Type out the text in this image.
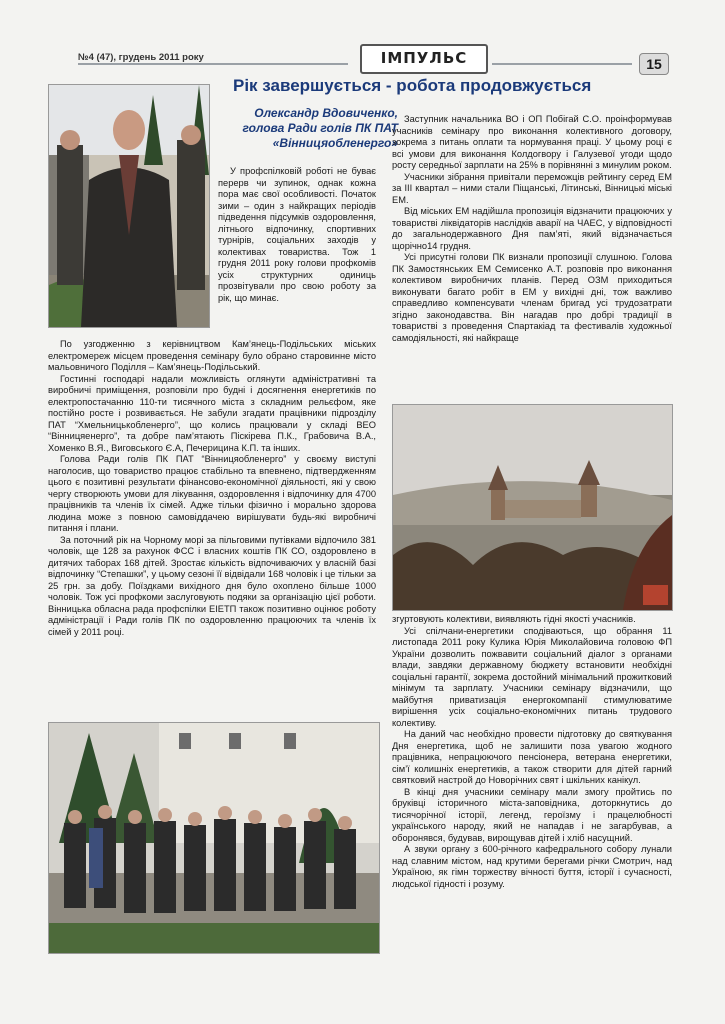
№4 (47), грудень 2011 року	ІМПУЛЬС	15
Рік завершується - робота продовжується
Олександр Вдовиченко,
голова Ради голів ПК ПАТ «Вінницяобленерго»

У профспілковій роботі не буває перерв чи зупинок, однак кожна пора має свої особливості. Початок зими – один з найкращих періодів підведення підсумків оздоровлення, літнього відпочинку, спортивних турнірів, соціальних заходів у колективах товариства. Тож 1 грудня 2011 року голови профкомів усіх структурних одиниць прозвітували про свою роботу за рік, що минає.

По узгодженню з керівництвом Кам’янець-Подільських міських електромереж місцем проведення семінару було обрано старовинне місто мальовничого Поділля – Кам’янець-Подільський.

Гостинні господарі надали можливість оглянути адміністративні та виробничі приміщення, розповіли про будні і досягнення енергетиків по електропостачанню 110-ти тисячного міста з складним рельєфом, яке постійно росте і розвивається. Не забули згадати працівники підрозділу ПАТ “Хмельницькобленерго”, що колись працювали у складі ВЕО “Вінницяенерго”, та добре пам’ятають Піскірева П.К., Грабовича В.А., Хоменко В.Я., Виговського Є.А, Печерицина К.П. та інших.

Голова Ради голів ПК ПАТ “Вінницяобленерго” у своєму виступі наголосив, що товариство працює стабільно та впевнено, підтвердженням цього є позитивні результати фінансово-економічної діяльності, які у свою чергу створюють умови для лікування, оздоровлення і відпочинку для 4700 працівників та членів їх сімей. Адже тільки фізично і морально здорова людина може з повною самовіддачею вирішувати будь-які виробничі питання і плани.

За поточний рік на Чорному морі за пільговими путівками відпочило 381 чоловік, ще 128 за рахунок ФСС і власних коштів ПК СО, оздоровлено в дитячих таборах 168 дітей. Зростає кількість відпочиваючих у власній базі відпочинку “Степашки”, у цьому сезоні її відвідали 168 чоловік і це тільки за 25 грн. за добу. Поїздками вихідного дня було охоплено більше 1000 чоловік. Тож усі профкоми заслуговують подяки за організацію цієї роботи. Вінницька обласна рада профспілки ЕІЕТП також позитивно оцінює роботу адміністрації і Ради голів ПК по оздоровленню працюючих та членів їх сімей у 2011 році.

Заступник начальника ВО і ОП Побігай С.О. проінформував учасників семінару про виконання колективного договору, зокрема з питань оплати та нормування праці. У цьому році є всі умови для виконання Колдогвору і Галузевої угоди щодо росту середньої зарплати на 25% в порівнянні з минулим роком.

Учасники зібрання привітали переможців рейтингу серед ЕМ за ІІІ квартал – ними стали Піщанські, Літинські, Вінницькі міські ЕМ.

Від міських ЕМ надійшла пропозиція відзначити працюючих у товаристві ліквідаторів наслідків аварії на ЧАЕС, у відповідності до загальнодержавного Дня пам’яті, який відзначається щорічно14 грудня.

Усі присутні голови ПК визнали пропозиції слушною. Голова ПК Замостянських ЕМ Семисенко А.Т. розповів про виконання колективом виробничих планів. Перед ОЗМ приходиться виконувати багато робіт в ЕМ у вихідні дні, тож важливо справедливо компенсувати членам бригад усі трудозатрати згідно законодавства. Він нагадав про добрі традиції в товаристві з проведення Спартакіад та фестивалів художньої самодіяльності, які найкраще

згуртовують колективи, виявляють гідні якості учасників.

Усі спілчани-енергетики сподіваються, що обрання 11 листопада 2011 року Кулика Юрія Миколайовича головою ФП України дозволить пожвавити соціальний діалог з органами влади, завдяки державному бюджету встановити необхідні соціальні гарантії, зокрема достойний мінімальний прожитковий мінімум та зарплату. Учасники семінару відзначили, що майбутня приватизація енергокомпанії стимулюватиме вирішення усіх соціально-економічних питань трудового колективу.

На даний час необхідно провести підготовку до святкування Дня енергетика, щоб не залишити поза увагою жодного працівника, непрацюючого пенсіонера, ветерана енергетики, сім’ї колишніх енергетиків, а також створити для дітей гарний святковий настрой до Новорічних свят і шкільних канікул.

В кінці дня учасники семінару мали змогу пройтись по бруківці історичного міста-заповідника, доторкнутись до тисячорічної історії, легенд, героїзму і працелюбності українського народу, який не нападав і не загарбував, а оборонявся, будував, вирощував дітей і хліб насущний.

А звуки органу з 600-річного кафедрального собору лунали над славним містом, над крутими берегами річки Смотрич, над Україною, як гімн торжеству вічності буття, історії і сучасності, людської гідності і розуму.
